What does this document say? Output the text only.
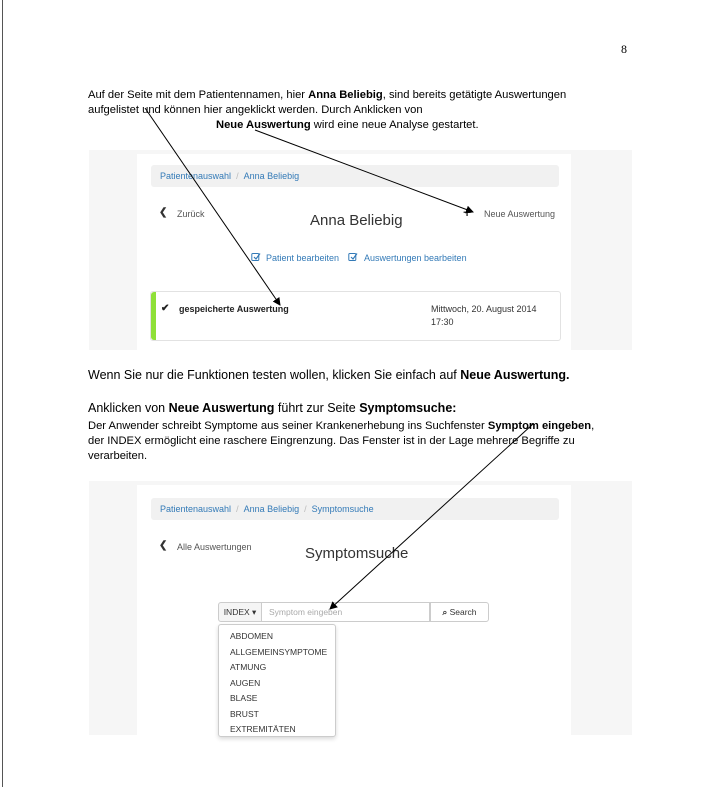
8
Auf der Seite mit dem Patientennamen, hier Anna Beliebig, sind bereits getätigte Auswertungen
aufgelistet und können hier angeklickt werden. Durch Anklicken von
Neue Auswertung wird eine neue Analyse gestartet.
Patientenauswahl / Anna Beliebig
❮ Zurück	Anna Beliebig	+ Neue Auswertung
Patient bearbeiten	Auswertungen bearbeiten
✔ gespeicherte Auswertung	Mittwoch, 20. August 2014
17:30
Wenn Sie nur die Funktionen testen wollen, klicken Sie einfach auf Neue Auswertung.
Anklicken von Neue Auswertung führt zur Seite Symptomsuche:
Der Anwender schreibt Symptome aus seiner Krankenerhebung ins Suchfenster Symptom eingeben,
der INDEX ermöglicht eine raschere Eingrenzung. Das Fenster ist in der Lage mehrere Begriffe zu
verarbeiten.
Patientenauswahl / Anna Beliebig / Symptomsuche
❮ Alle Auswertungen	Symptomsuche
INDEX ▾	Symptom eingeben	⌕ Search
ABDOMEN
ALLGEMEINSYMPTOME
ATMUNG
AUGEN
BLASE
BRUST
EXTREMITÄTEN
